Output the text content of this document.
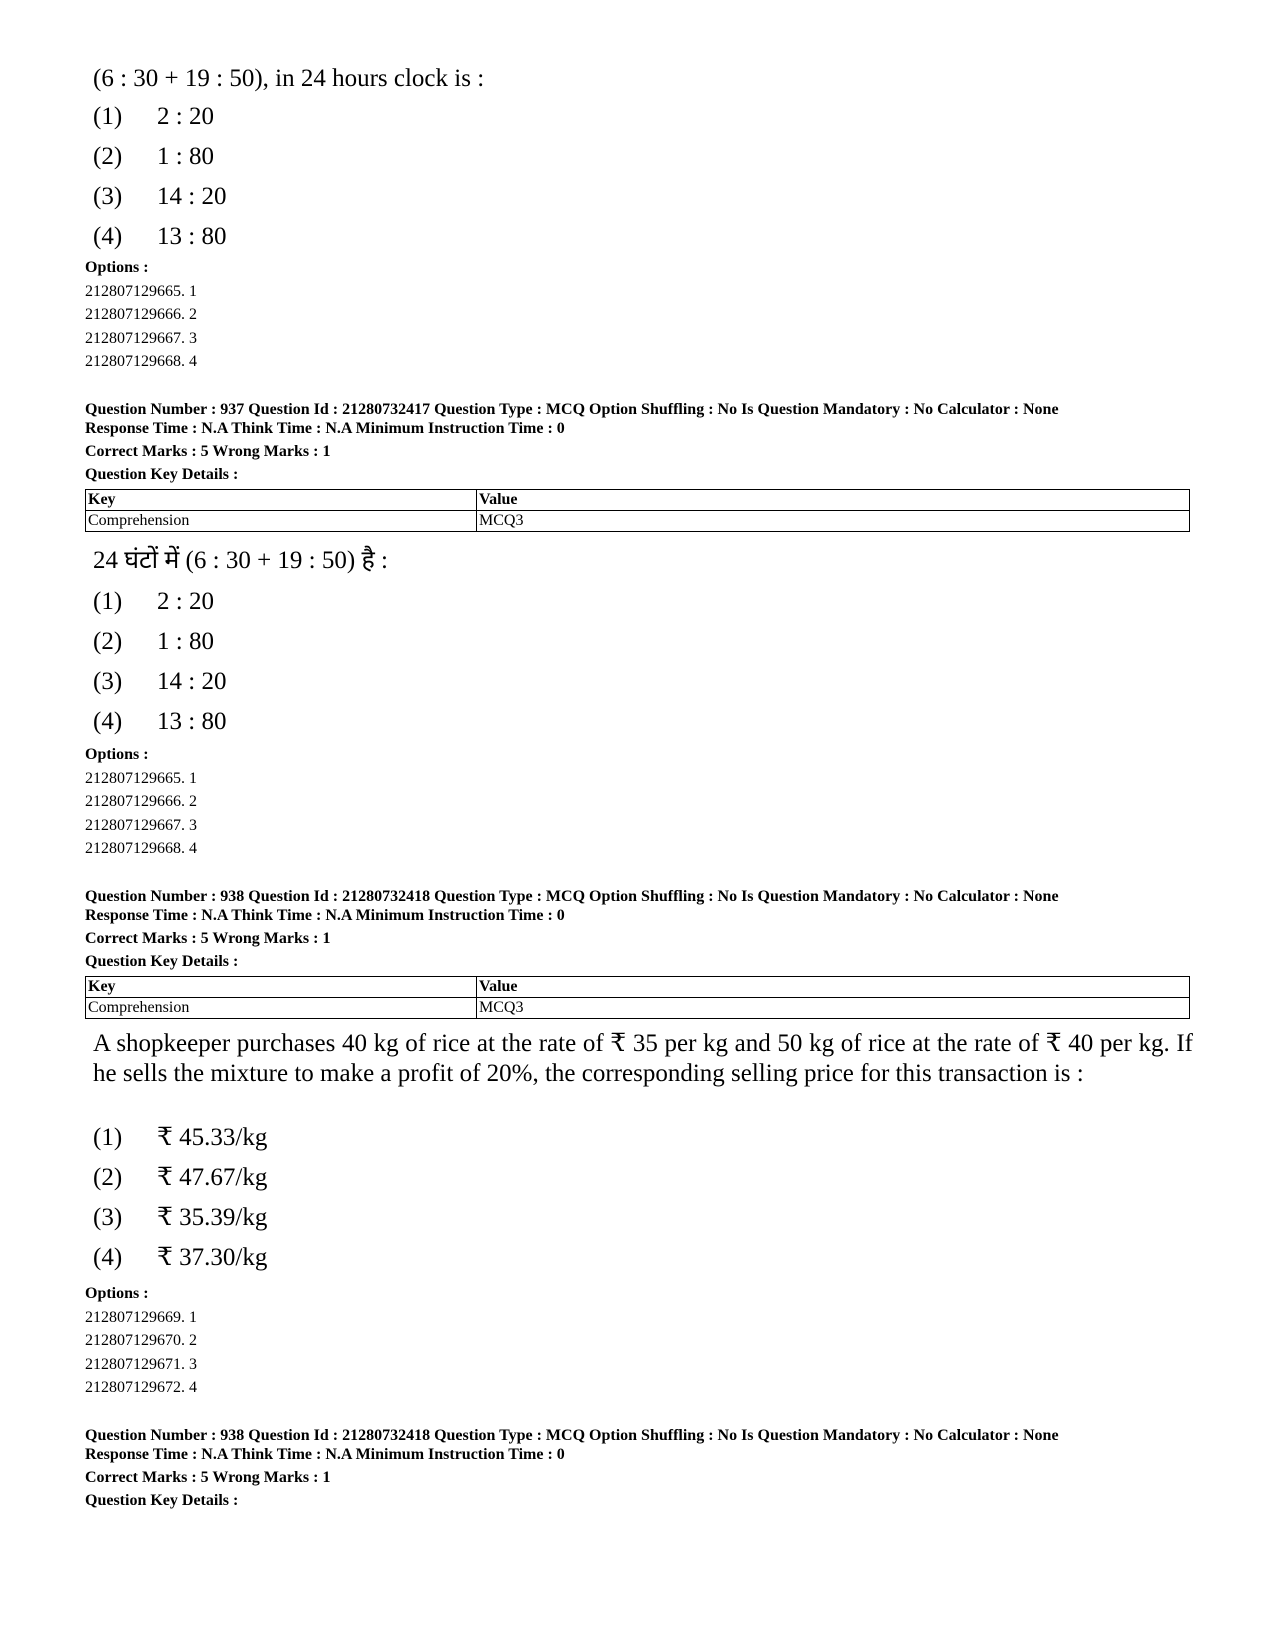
(6 : 30 + 19 : 50), in 24 hours clock is :
(1) 2 : 20
(2) 1 : 80
(3) 14 : 20
(4) 13 : 80
Options :
212807129665. 1
212807129666. 2
212807129667. 3
212807129668. 4
Question Number : 937 Question Id : 21280732417 Question Type : MCQ Option Shuffling : No Is Question Mandatory : No Calculator : None
Response Time : N.A Think Time : N.A Minimum Instruction Time : 0
Correct Marks : 5 Wrong Marks : 1
Question Key Details :
Key	Value
Comprehension	MCQ3
24 घंटों में (6 : 30 + 19 : 50) है :
(1) 2 : 20
(2) 1 : 80
(3) 14 : 20
(4) 13 : 80
Options :
212807129665. 1
212807129666. 2
212807129667. 3
212807129668. 4
Question Number : 938 Question Id : 21280732418 Question Type : MCQ Option Shuffling : No Is Question Mandatory : No Calculator : None
Response Time : N.A Think Time : N.A Minimum Instruction Time : 0
Correct Marks : 5 Wrong Marks : 1
Question Key Details :
Key	Value
Comprehension	MCQ3
A shopkeeper purchases 40 kg of rice at the rate of ₹ 35 per kg and 50 kg of rice at the rate of ₹ 40 per kg. If he sells the mixture to make a profit of 20%, the corresponding selling price for this transaction is :
(1) ₹ 45.33/kg
(2) ₹ 47.67/kg
(3) ₹ 35.39/kg
(4) ₹ 37.30/kg
Options :
212807129669. 1
212807129670. 2
212807129671. 3
212807129672. 4
Question Number : 938 Question Id : 21280732418 Question Type : MCQ Option Shuffling : No Is Question Mandatory : No Calculator : None
Response Time : N.A Think Time : N.A Minimum Instruction Time : 0
Correct Marks : 5 Wrong Marks : 1
Question Key Details :
